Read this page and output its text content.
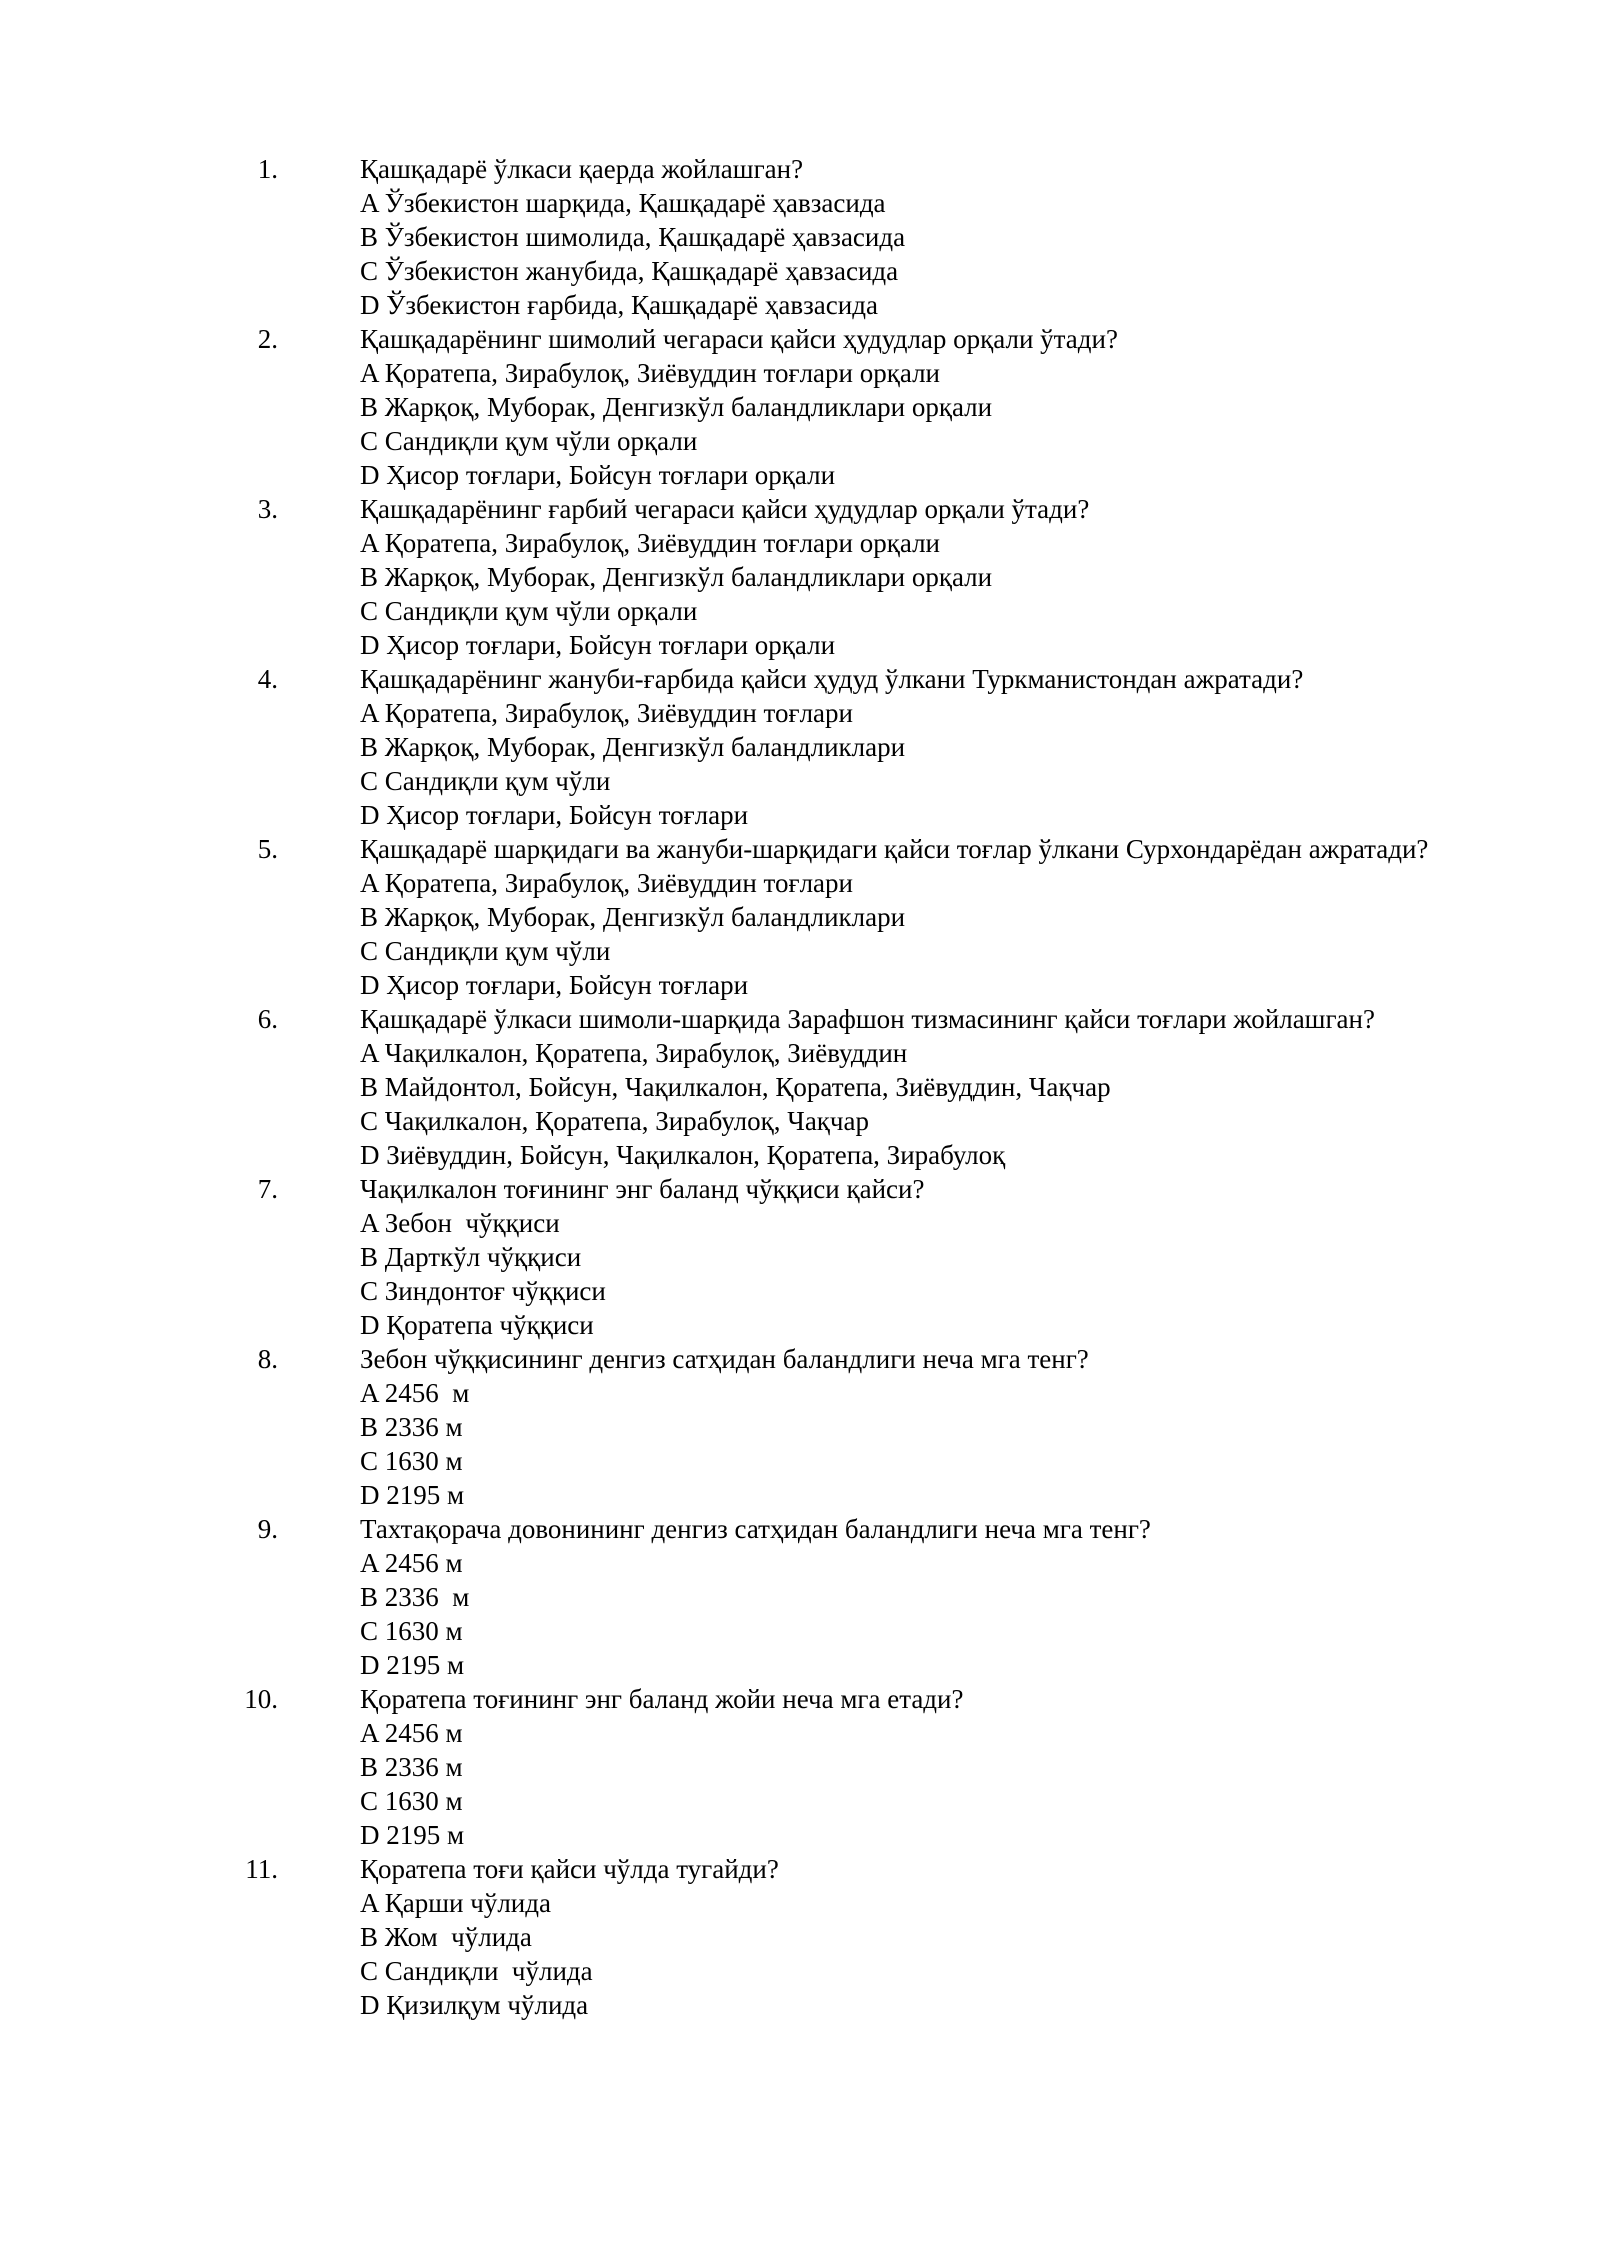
1.	Қашқадарё ўлкаси қаерда жойлашган?
A Ўзбекистон шарқида, Қашқадарё ҳавзасида
B Ўзбекистон шимолида, Қашқадарё ҳавзасида
C Ўзбекистон жанубида, Қашқадарё ҳавзасида
D Ўзбекистон ғарбида, Қашқадарё ҳавзасида
2.	Қашқадарёнинг шимолий чегараси қайси ҳудудлар орқали ўтади?
A Қоратепа, Зирабулоқ, Зиёвуддин тоғлари орқали
B Жарқоқ, Муборак, Денгизкўл баландликлари орқали
C Сандиқли қум чўли орқали
D Ҳисор тоғлари, Бойсун тоғлари орқали
3.	Қашқадарёнинг ғарбий чегараси қайси ҳудудлар орқали ўтади?
A Қоратепа, Зирабулоқ, Зиёвуддин тоғлари орқали
B Жарқоқ, Муборак, Денгизкўл баландликлари орқали
C Сандиқли қум чўли орқали
D Ҳисор тоғлари, Бойсун тоғлари орқали
4.	Қашқадарёнинг жануби-ғарбида қайси ҳудуд ўлкани Туркманистондан ажратади?
A Қоратепа, Зирабулоқ, Зиёвуддин тоғлари
B Жарқоқ, Муборак, Денгизкўл баландликлари
C Сандиқли қум чўли
D Ҳисор тоғлари, Бойсун тоғлари
5.	Қашқадарё шарқидаги ва жануби-шарқидаги қайси тоғлар ўлкани Сурхондарёдан ажратади?
A Қоратепа, Зирабулоқ, Зиёвуддин тоғлари
B Жарқоқ, Муборак, Денгизкўл баландликлари
C Сандиқли қум чўли
D Ҳисор тоғлари, Бойсун тоғлари
6.	Қашқадарё ўлкаси шимоли-шарқида Зарафшон тизмасининг қайси тоғлари жойлашган?
A Чақилкалон, Қоратепа, Зирабулоқ, Зиёвуддин
B Майдонтол, Бойсун, Чақилкалон, Қоратепа, Зиёвуддин, Чақчар
C Чақилкалон, Қоратепа, Зирабулоқ, Чақчар
D Зиёвуддин, Бойсун, Чақилкалон, Қоратепа, Зирабулоқ
7.	Чақилкалон тоғининг энг баланд чўққиси қайси?
A Зебон  чўққиси
B Дарткўл чўққиси
C Зиндонтоғ чўққиси
D Қоратепа чўққиси
8.	Зебон чўққисининг денгиз сатҳидан баландлиги неча мга тенг?
A 2456  м
B 2336 м
C 1630 м
D 2195 м
9.	Тахтақорача довонининг денгиз сатҳидан баландлиги неча мга тенг?
A 2456 м
B 2336  м
C 1630 м
D 2195 м
10.	Қоратепа тоғининг энг баланд жойи неча мга етади?
A 2456 м
B 2336 м
C 1630 м
D 2195 м
11.	Қоратепа тоғи қайси чўлда тугайди?
A Қарши чўлида
B Жом  чўлида
C Сандиқли  чўлида
D Қизилқум чўлида
